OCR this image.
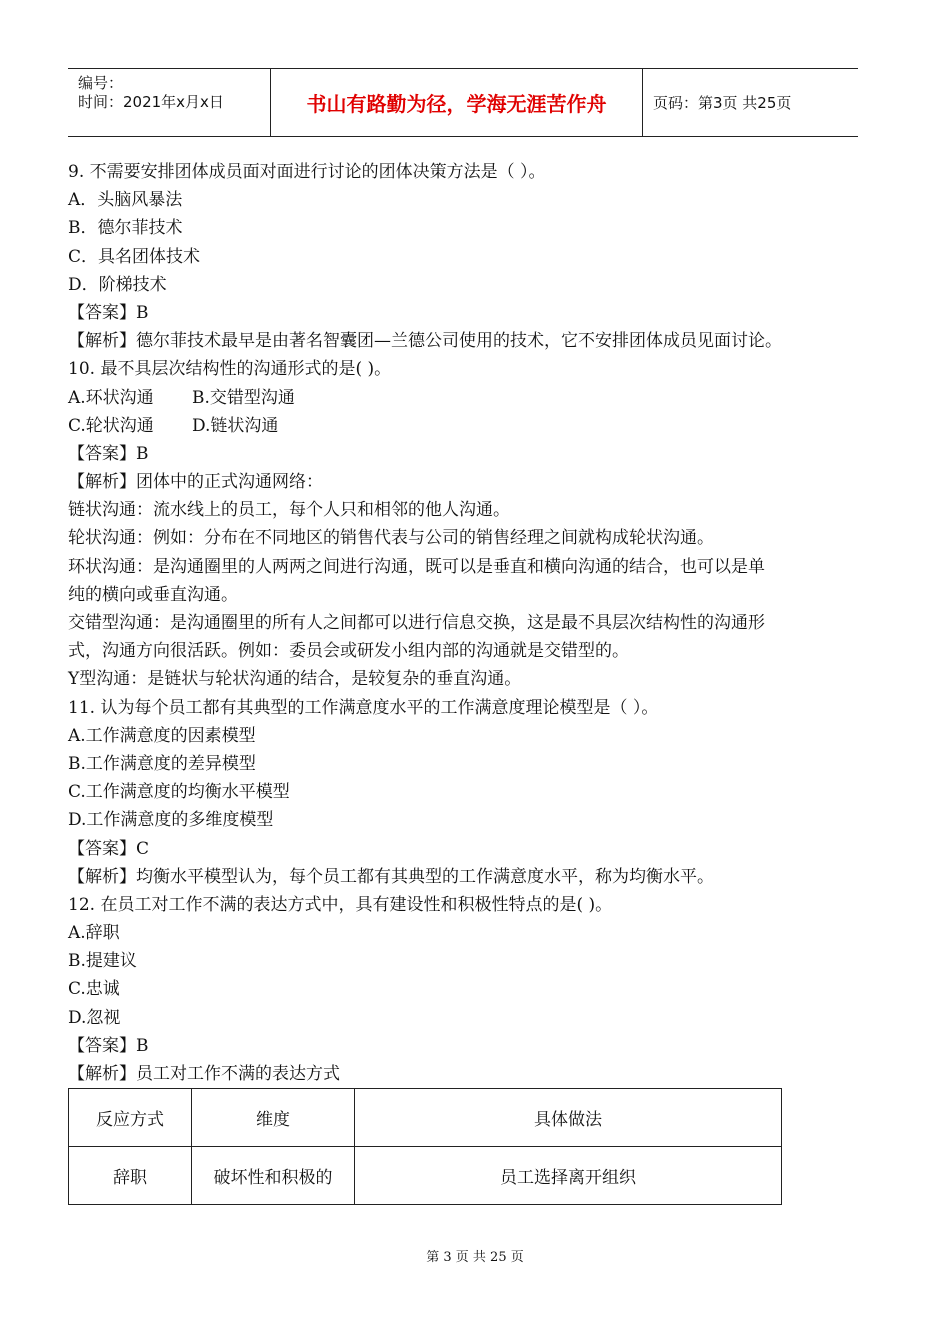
编号：
时间：2021年x月x日	书山有路勤为径，学海无涯苦作舟	页码：第3页 共25页
9. 不需要安排团体成员面对面进行讨论的团体决策方法是（ ）。
A．头脑风暴法
B．德尔菲技术
C．具名团体技术
D．阶梯技术
【答案】B
【解析】德尔菲技术最早是由著名智囊团—兰德公司使用的技术，它不安排团体成员见面讨论。
10. 最不具层次结构性的沟通形式的是( )。
A.环状沟通 B.交错型沟通
C.轮状沟通 D.链状沟通
【答案】B
【解析】团体中的正式沟通网络：
链状沟通：流水线上的员工，每个人只和相邻的他人沟通。
轮状沟通：例如：分布在不同地区的销售代表与公司的销售经理之间就构成轮状沟通。
环状沟通：是沟通圈里的人两两之间进行沟通，既可以是垂直和横向沟通的结合，也可以是单
纯的横向或垂直沟通。
交错型沟通：是沟通圈里的所有人之间都可以进行信息交换，这是最不具层次结构性的沟通形
式，沟通方向很活跃。例如：委员会或研发小组内部的沟通就是交错型的。
Y型沟通：是链状与轮状沟通的结合，是较复杂的垂直沟通。
11. 认为每个员工都有其典型的工作满意度水平的工作满意度理论模型是（ ）。
A.工作满意度的因素模型
B.工作满意度的差异模型
C.工作满意度的均衡水平模型
D.工作满意度的多维度模型
【答案】C
【解析】均衡水平模型认为，每个员工都有其典型的工作满意度水平，称为均衡水平。
12. 在员工对工作不满的表达方式中，具有建设性和积极性特点的是( )。
A.辞职
B.提建议
C.忠诚
D.忽视
【答案】B
【解析】员工对工作不满的表达方式
反应方式	维度	具体做法
辞职	破坏性和积极的	员工选择离开组织
第 3 页 共 25 页
